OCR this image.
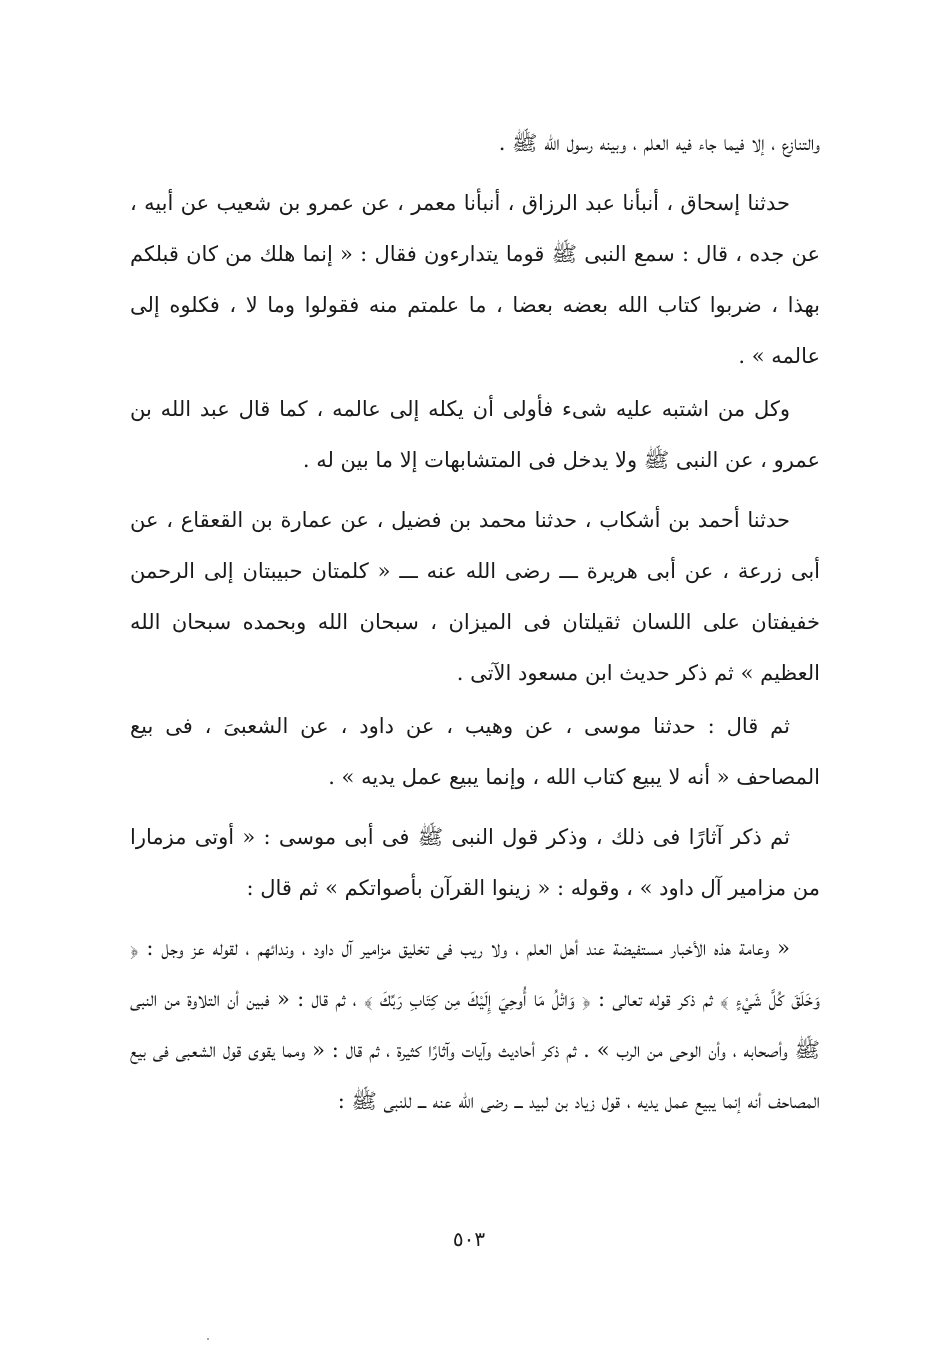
والتنازع ، إلا فيما جاء فيه العلم ، وبينه رسول الله ﷺ .

حدثنا إسحاق ، أنبأنا عبد الرزاق ، أنبأنا معمر ، عن عمرو بن شعيب عن أبيه ، عن جده ، قال : سمع النبى ﷺ قوما يتدارءون فقال : « إنما هلك من كان قبلكم بهذا ، ضربوا كتاب الله بعضه بعضا ، ما علمتم منه فقولوا وما لا ، فكلوه إلى عالمه » .

وكل من اشتبه عليه شىء فأولى أن يكله إلى عالمه ، كما قال عبد الله بن عمرو ، عن النبى ﷺ ولا يدخل فى المتشابهات إلا ما بين له .

حدثنا أحمد بن أشكاب ، حدثنا محمد بن فضيل ، عن عمارة بن القعقاع ، عن أبى زرعة ، عن أبى هريرة ـــ رضى الله عنه ـــ « كلمتان حبيبتان إلى الرحمن خفيفتان على اللسان ثقيلتان فى الميزان ، سبحان الله وبحمده سبحان الله العظيم » ثم ذكر حديث ابن مسعود الآتى .

ثم قال : حدثنا موسى ، عن وهيب ، عن داود ، عن الشعبىَ ، فى بيع المصاحف « أنه لا يبيع كتاب الله ، وإنما يبيع عمل يديه » .

ثم ذكر آثارًا فى ذلك ، وذكر قول النبى ﷺ فى أبى موسى : « أوتى مزمارا من مزامير آل داود » ، وقوله : « زينوا القرآن بأصواتكم » ثم قال :

« وعامة هذه الأخبار مستفيضة عند أهل العلم ، ولا ريب فى تخليق مزامير آل داود ، وندائهم ، لقوله عز وجل : ﴿ وَخَلَقَ كُلَّ شَيْءٍ ﴾ ثم ذكر قوله تعالى : ﴿ وَاتْلُ مَا أُوحِيَ إِلَيْكَ مِن كِتَابِ رَبِّكَ ﴾ ، ثم قال : « فبين أن التلاوة من النبى ﷺ وأصحابه ، وأن الوحى من الرب » . ثم ذكر أحاديث وآيات وآثارًا كثيرة ، ثم قال : « ومما يقوى قول الشعبى فى بيع المصاحف أنه إنما يبيع عمل يديه ، قول زياد بن لبيد ـــ رضى الله عنه ـــ للنبى ﷺ :

٥٠٣
